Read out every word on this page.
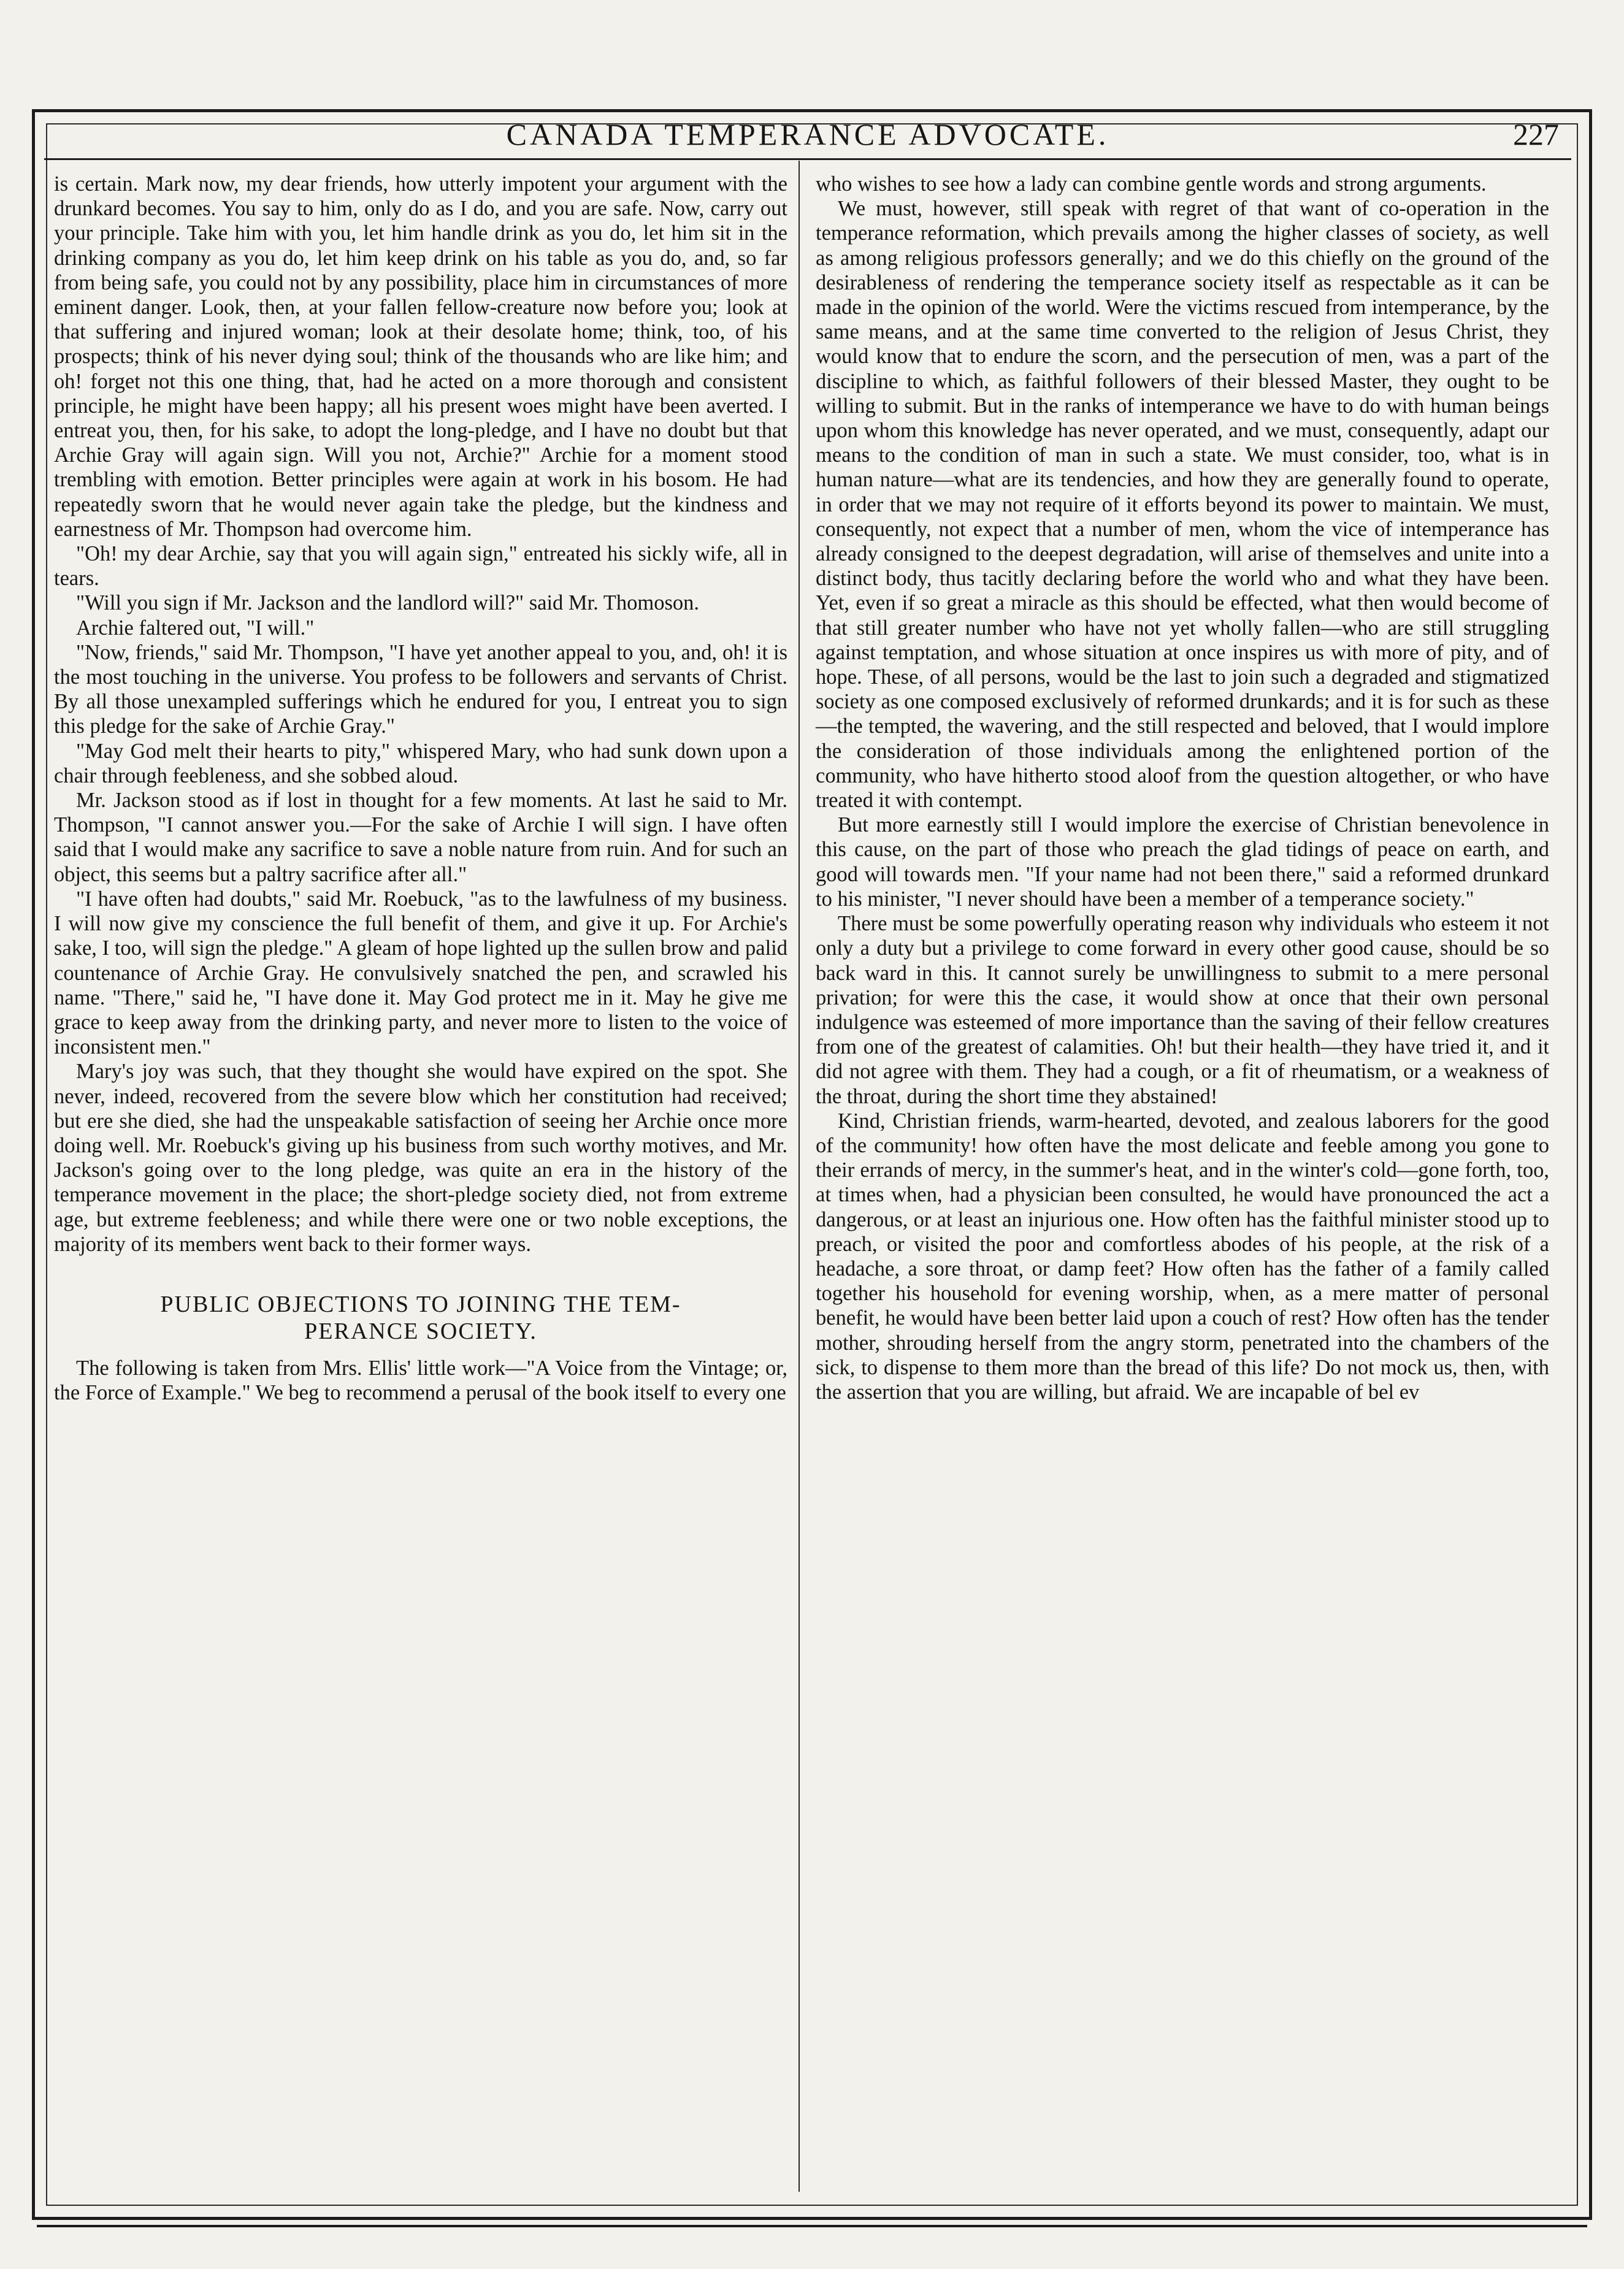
CANADA TEMPERANCE ADVOCATE.	227

is certain. Mark now, my dear friends, how utterly impotent your argument with the drunkard becomes. You say to him, only do as I do, and you are safe. Now, carry out your principle. Take him with you, let him handle drink as you do, let him sit in the drinking company as you do, let him keep drink on his table as you do, and, so far from being safe, you could not by any possibility, place him in circumstances of more eminent danger. Look, then, at your fallen fellow-creature now before you; look at that suffering and injured woman; look at their desolate home; think, too, of his prospects; think of his never dying soul; think of the thousands who are like him; and oh! forget not this one thing, that, had he acted on a more thorough and consistent principle, he might have been happy; all his present woes might have been averted. I entreat you, then, for his sake, to adopt the long-pledge, and I have no doubt but that Archie Gray will again sign. Will you not, Archie?" Archie for a moment stood trembling with emotion. Better principles were again at work in his bosom. He had repeatedly sworn that he would never again take the pledge, but the kindness and earnestness of Mr. Thompson had overcome him.

"Oh! my dear Archie, say that you will again sign," entreated his sickly wife, all in tears.

"Will you sign if Mr. Jackson and the landlord will?" said Mr. Thomoson.

Archie faltered out, "I will."

"Now, friends," said Mr. Thompson, "I have yet another appeal to you, and, oh! it is the most touching in the universe. You profess to be followers and servants of Christ. By all those unexampled sufferings which he endured for you, I entreat you to sign this pledge for the sake of Archie Gray."

"May God melt their hearts to pity," whispered Mary, who had sunk down upon a chair through feebleness, and she sobbed aloud.

Mr. Jackson stood as if lost in thought for a few moments. At last he said to Mr. Thompson, "I cannot answer you.—For the sake of Archie I will sign. I have often said that I would make any sacrifice to save a noble nature from ruin. And for such an object, this seems but a paltry sacrifice after all."

"I have often had doubts," said Mr. Roebuck, "as to the lawfulness of my business. I will now give my conscience the full benefit of them, and give it up. For Archie's sake, I too, will sign the pledge." A gleam of hope lighted up the sullen brow and palid countenance of Archie Gray. He convulsively snatched the pen, and scrawled his name. "There," said he, "I have done it. May God protect me in it. May he give me grace to keep away from the drinking party, and never more to listen to the voice of inconsistent men."

Mary's joy was such, that they thought she would have expired on the spot. She never, indeed, recovered from the severe blow which her constitution had received; but ere she died, she had the unspeakable satisfaction of seeing her Archie once more doing well. Mr. Roebuck's giving up his business from such worthy motives, and Mr. Jackson's going over to the long pledge, was quite an era in the history of the temperance movement in the place; the short-pledge society died, not from extreme age, but extreme feebleness; and while there were one or two noble exceptions, the majority of its members went back to their former ways.

PUBLIC OBJECTIONS TO JOINING THE TEM-
PERANCE SOCIETY.

The following is taken from Mrs. Ellis' little work—"A Voice from the Vintage; or, the Force of Example." We beg to recommend a perusal of the book itself to every one

who wishes to see how a lady can combine gentle words and strong arguments.

We must, however, still speak with regret of that want of co-operation in the temperance reformation, which prevails among the higher classes of society, as well as among religious professors generally; and we do this chiefly on the ground of the desirableness of rendering the temperance society itself as respectable as it can be made in the opinion of the world. Were the victims rescued from intemperance, by the same means, and at the same time converted to the religion of Jesus Christ, they would know that to endure the scorn, and the persecution of men, was a part of the discipline to which, as faithful followers of their blessed Master, they ought to be willing to submit. But in the ranks of intemperance we have to do with human beings upon whom this knowledge has never operated, and we must, consequently, adapt our means to the condition of man in such a state. We must consider, too, what is in human nature—what are its tendencies, and how they are generally found to operate, in order that we may not require of it efforts beyond its power to maintain. We must, consequently, not expect that a number of men, whom the vice of intemperance has already consigned to the deepest degradation, will arise of themselves and unite into a distinct body, thus tacitly declaring before the world who and what they have been. Yet, even if so great a miracle as this should be effected, what then would become of that still greater number who have not yet wholly fallen—who are still struggling against temptation, and whose situation at once inspires us with more of pity, and of hope. These, of all persons, would be the last to join such a degraded and stigmatized society as one composed exclusively of reformed drunkards; and it is for such as these—the tempted, the wavering, and the still respected and beloved, that I would implore the consideration of those individuals among the enlightened portion of the community, who have hitherto stood aloof from the question altogether, or who have treated it with contempt.

But more earnestly still I would implore the exercise of Christian benevolence in this cause, on the part of those who preach the glad tidings of peace on earth, and good will towards men. "If your name had not been there," said a reformed drunkard to his minister, "I never should have been a member of a temperance society."

There must be some powerfully operating reason why individuals who esteem it not only a duty but a privilege to come forward in every other good cause, should be so back ward in this. It cannot surely be unwillingness to submit to a mere personal privation; for were this the case, it would show at once that their own personal indulgence was esteemed of more importance than the saving of their fellow creatures from one of the greatest of calamities. Oh! but their health—they have tried it, and it did not agree with them. They had a cough, or a fit of rheumatism, or a weakness of the throat, during the short time they abstained!

Kind, Christian friends, warm-hearted, devoted, and zealous laborers for the good of the community! how often have the most delicate and feeble among you gone to their errands of mercy, in the summer's heat, and in the winter's cold—gone forth, too, at times when, had a physician been consulted, he would have pronounced the act a dangerous, or at least an injurious one. How often has the faithful minister stood up to preach, or visited the poor and comfortless abodes of his people, at the risk of a headache, a sore throat, or damp feet? How often has the father of a family called together his household for evening worship, when, as a mere matter of personal benefit, he would have been better laid upon a couch of rest? How often has the tender mother, shrouding herself from the angry storm, penetrated into the chambers of the sick, to dispense to them more than the bread of this life? Do not mock us, then, with the assertion that you are willing, but afraid. We are incapable of bel ev
